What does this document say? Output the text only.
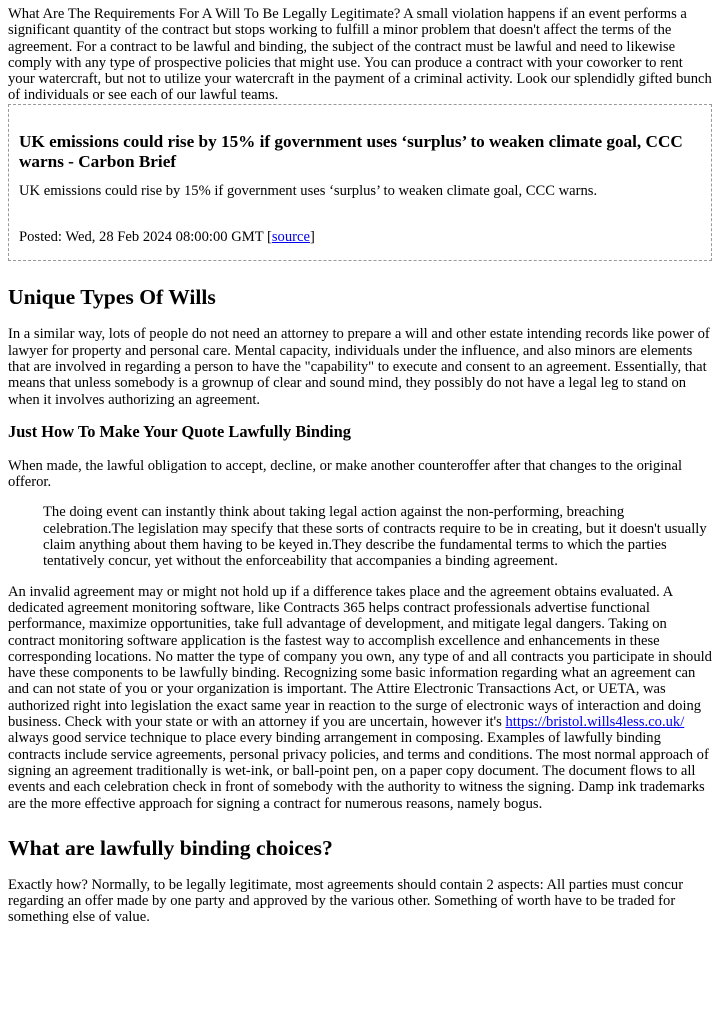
What Are The Requirements For A Will To Be Legally Legitimate? A small violation happens if an event performs a significant quantity of the contract but stops working to fulfill a minor problem that doesn't affect the terms of the agreement. For a contract to be lawful and binding, the subject of the contract must be lawful and need to likewise comply with any type of prospective policies that might use. You can produce a contract with your coworker to rent your watercraft, but not to utilize your watercraft in the payment of a criminal activity. Look our splendidly gifted bunch of individuals or see each of our lawful teams.

UK emissions could rise by 15% if government uses ‘surplus’ to weaken climate goal, CCC warns - Carbon Brief

UK emissions could rise by 15% if government uses ‘surplus’ to weaken climate goal, CCC warns.

Posted: Wed, 28 Feb 2024 08:00:00 GMT [source]

Unique Types Of Wills

In a similar way, lots of people do not need an attorney to prepare a will and other estate intending records like power of lawyer for property and personal care. Mental capacity, individuals under the influence, and also minors are elements that are involved in regarding a person to have the "capability" to execute and consent to an agreement. Essentially, that means that unless somebody is a grownup of clear and sound mind, they possibly do not have a legal leg to stand on when it involves authorizing an agreement.

Just How To Make Your Quote Lawfully Binding

When made, the lawful obligation to accept, decline, or make another counteroffer after that changes to the original offeror.

The doing event can instantly think about taking legal action against the non-performing, breaching celebration.The legislation may specify that these sorts of contracts require to be in creating, but it doesn't usually claim anything about them having to be keyed in.They describe the fundamental terms to which the parties tentatively concur, yet without the enforceability that accompanies a binding agreement.

An invalid agreement may or might not hold up if a difference takes place and the agreement obtains evaluated. A dedicated agreement monitoring software, like Contracts 365 helps contract professionals advertise functional performance, maximize opportunities, take full advantage of development, and mitigate legal dangers. Taking on contract monitoring software application is the fastest way to accomplish excellence and enhancements in these corresponding locations. No matter the type of company you own, any type of and all contracts you participate in should have these components to be lawfully binding. Recognizing some basic information regarding what an agreement can and can not state of you or your organization is important. The Attire Electronic Transactions Act, or UETA, was authorized right into legislation the exact same year in reaction to the surge of electronic ways of interaction and doing business. Check with your state or with an attorney if you are uncertain, however it's https://bristol.wills4less.co.uk/ always good service technique to place every binding arrangement in composing. Examples of lawfully binding contracts include service agreements, personal privacy policies, and terms and conditions. The most normal approach of signing an agreement traditionally is wet-ink, or ball-point pen, on a paper copy document. The document flows to all events and each celebration check in front of somebody with the authority to witness the signing. Damp ink trademarks are the more effective approach for signing a contract for numerous reasons, namely bogus.

What are lawfully binding choices?

Exactly how? Normally, to be legally legitimate, most agreements should contain 2 aspects: All parties must concur regarding an offer made by one party and approved by the various other. Something of worth have to be traded for something else of value.
